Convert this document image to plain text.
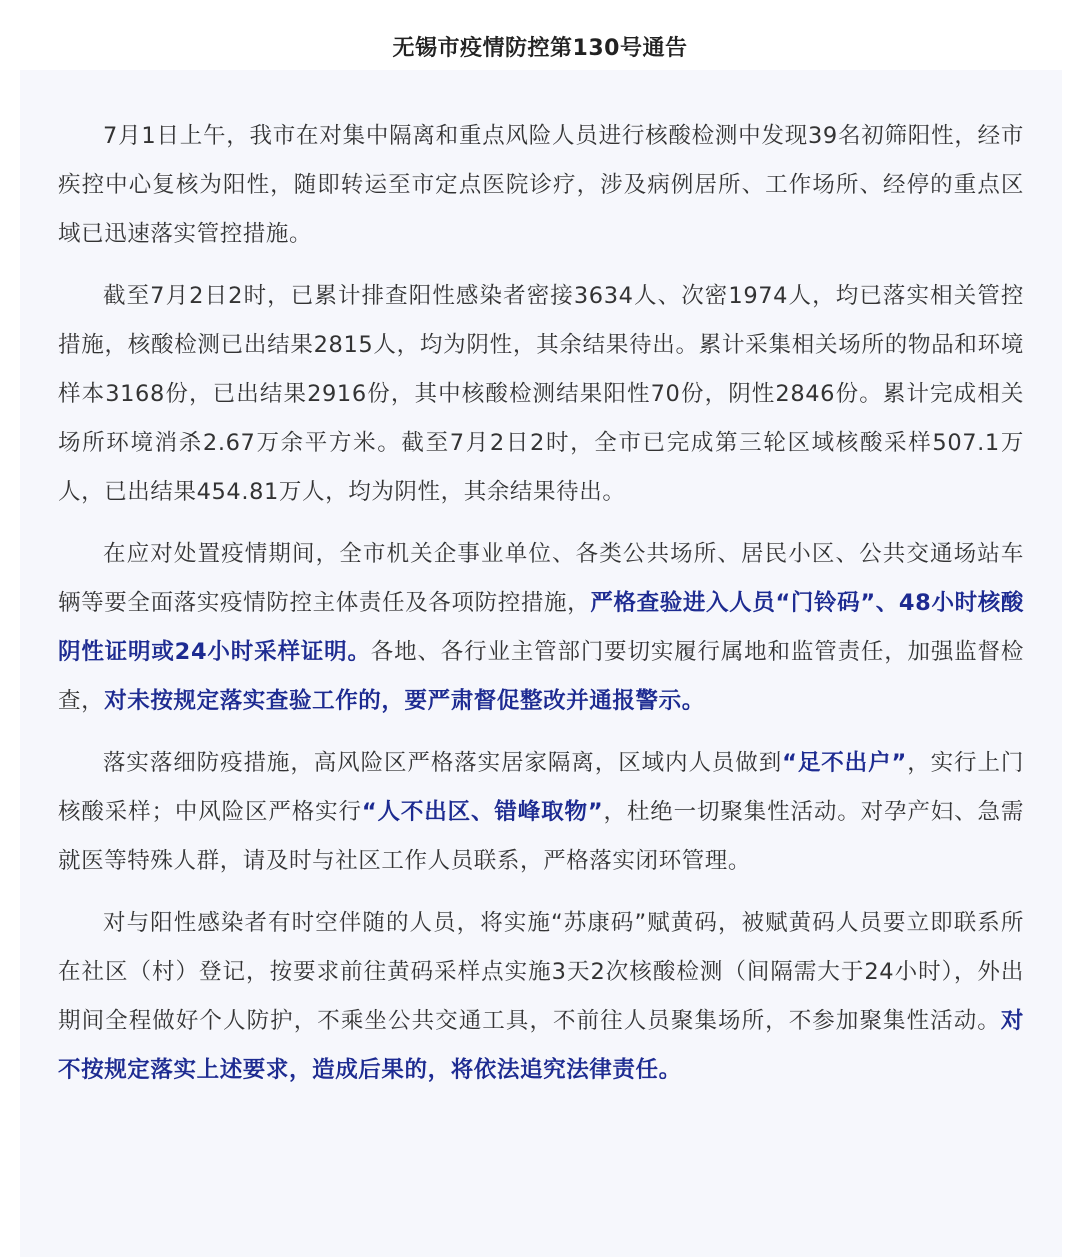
无锡市疫情防控第130号通告

7月1日上午，我市在对集中隔离和重点风险人员进行核酸检测中发现39名初筛阳性，经市疾控中心复核为阳性，随即转运至市定点医院诊疗，涉及病例居所、工作场所、经停的重点区域已迅速落实管控措施。

截至7月2日2时，已累计排查阳性感染者密接3634人、次密1974人，均已落实相关管控措施，核酸检测已出结果2815人，均为阴性，其余结果待出。累计采集相关场所的物品和环境样本3168份，已出结果2916份，其中核酸检测结果阳性70份，阴性2846份。累计完成相关场所环境消杀2.67万余平方米。截至7月2日2时，全市已完成第三轮区域核酸采样507.1万人，已出结果454.81万人，均为阴性，其余结果待出。

在应对处置疫情期间，全市机关企事业单位、各类公共场所、居民小区、公共交通场站车辆等要全面落实疫情防控主体责任及各项防控措施，严格查验进入人员“门铃码”、48小时核酸阴性证明或24小时采样证明。各地、各行业主管部门要切实履行属地和监管责任，加强监督检查，对未按规定落实查验工作的，要严肃督促整改并通报警示。

落实落细防疫措施，高风险区严格落实居家隔离，区域内人员做到“足不出户”，实行上门核酸采样；中风险区严格实行“人不出区、错峰取物”，杜绝一切聚集性活动。对孕产妇、急需就医等特殊人群，请及时与社区工作人员联系，严格落实闭环管理。

对与阳性感染者有时空伴随的人员，将实施“苏康码”赋黄码，被赋黄码人员要立即联系所在社区（村）登记，按要求前往黄码采样点实施3天2次核酸检测（间隔需大于24小时），外出期间全程做好个人防护，不乘坐公共交通工具，不前往人员聚集场所，不参加聚集性活动。对不按规定落实上述要求，造成后果的，将依法追究法律责任。
